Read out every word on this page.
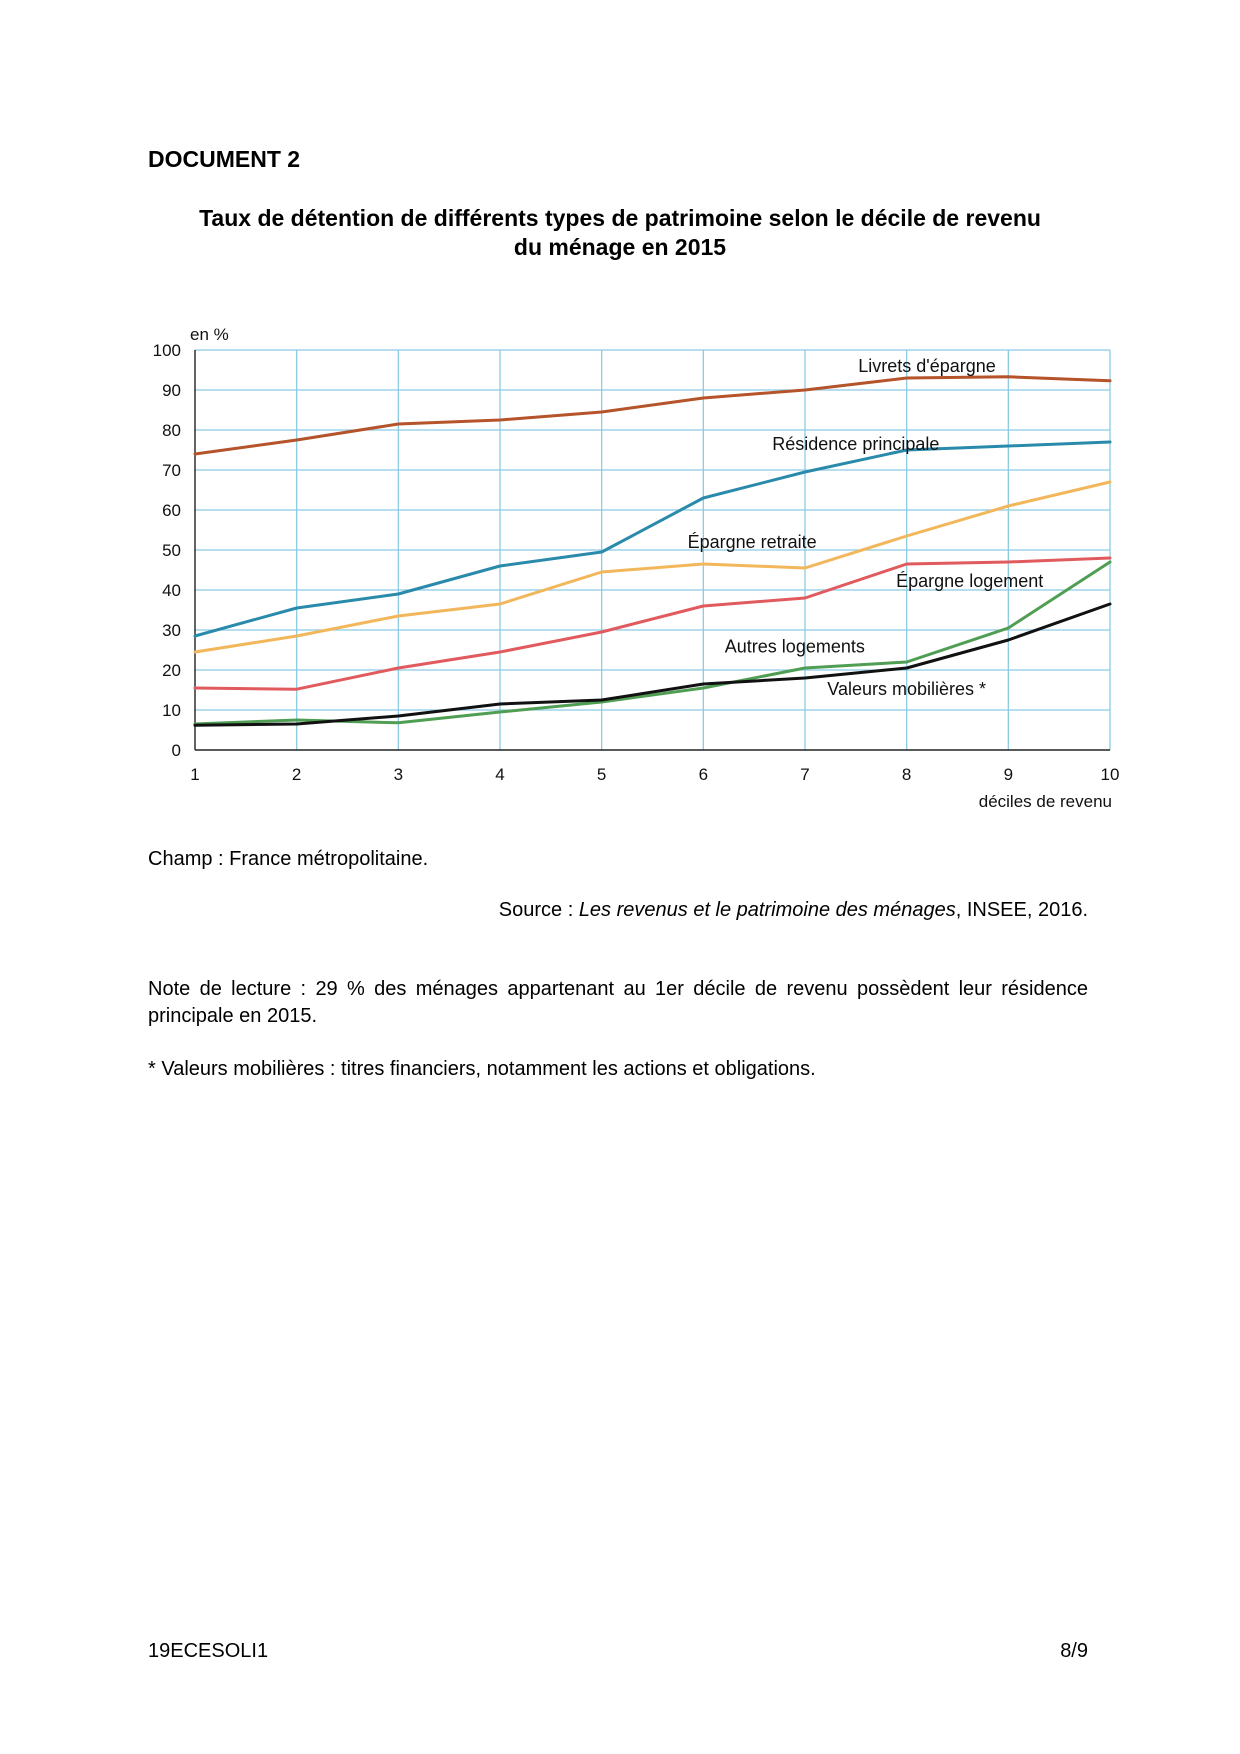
DOCUMENT 2
Taux de détention de différents types de patrimoine selon le décile de revenu
du ménage en 2015
0
10
20
30
40
50
60
70
80
90
100
1	2	3	4	5	6	7	8	9	10
en %
déciles de revenu
Livrets d'épargne
Résidence principale
Épargne retraite
Épargne logement
Autres logements
Valeurs mobilières *

Champ : France métropolitaine.

Source : Les revenus et le patrimoine des ménages, INSEE, 2016.

Note de lecture : 29 % des ménages appartenant au 1er décile de revenu possèdent leur résidence principale en 2015.

* Valeurs mobilières : titres financiers, notamment les actions et obligations.

19ECESOLI1	8/9
